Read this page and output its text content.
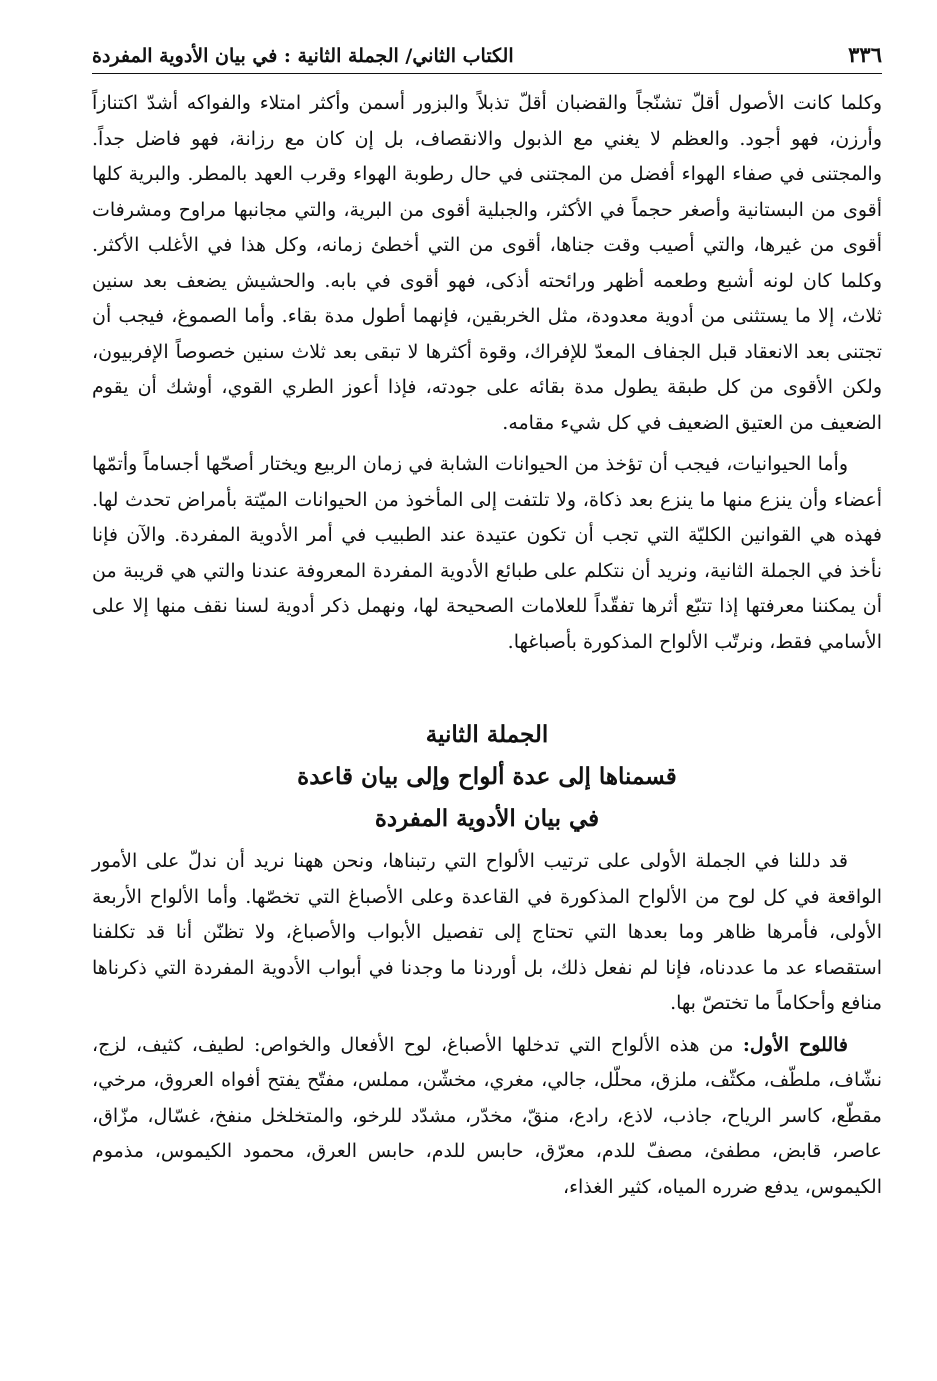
الكتاب الثاني/ الجملة الثانية : في بيان الأدوية المفردة	٣٣٦

وكلما كانت الأصول أقلّ تشنّجاً والقضبان أقلّ تذبلاً والبزور أسمن وأكثر امتلاء والفواكه أشدّ اكتنازاً وأرزن، فهو أجود. والعظم لا يغني مع الذبول والانقصاف، بل إن كان مع رزانة، فهو فاضل جداً. والمجتنى في صفاء الهواء أفضل من المجتنى في حال رطوبة الهواء وقرب العهد بالمطر. والبرية كلها أقوى من البستانية وأصغر حجماً في الأكثر، والجبلية أقوى من البرية، والتي مجانبها مراوح ومشرفات أقوى من غيرها، والتي أصيب وقت جناها، أقوى من التي أخطئ زمانه، وكل هذا في الأغلب الأكثر. وكلما كان لونه أشبع وطعمه أظهر ورائحته أذكى، فهو أقوى في بابه. والحشيش يضعف بعد سنين ثلاث، إلا ما يستثنى من أدوية معدودة، مثل الخربقين، فإنهما أطول مدة بقاء. وأما الصموغ، فيجب أن تجتنى بعد الانعقاد قبل الجفاف المعدّ للإفراك، وقوة أكثرها لا تبقى بعد ثلاث سنين خصوصاً الإفربيون، ولكن الأقوى من كل طبقة يطول مدة بقائه على جودته، فإذا أعوز الطري القوي، أوشك أن يقوم الضعيف من العتيق الضعيف في كل شيء مقامه.

وأما الحيوانيات، فيجب أن تؤخذ من الحيوانات الشابة في زمان الربيع ويختار أصحّها أجساماً وأتمّها أعضاء وأن ينزع منها ما ينزع بعد ذكاة، ولا تلتفت إلى المأخوذ من الحيوانات الميّتة بأمراض تحدث لها. فهذه هي القوانين الكليّة التي تجب أن تكون عتيدة عند الطبيب في أمر الأدوية المفردة. والآن فإنا نأخذ في الجملة الثانية، ونريد أن نتكلم على طبائع الأدوية المفردة المعروفة عندنا والتي هي قريبة من أن يمكننا معرفتها إذا تتبّع أثرها تفقّداً للعلامات الصحيحة لها، ونهمل ذكر أدوية لسنا نقف منها إلا على الأسامي فقط، ونرتّب الألواح المذكورة بأصباغها.

الجملة الثانية
قسمناها إلى عدة ألواح وإلى بيان قاعدة
في بيان الأدوية المفردة

قد دللنا في الجملة الأولى على ترتيب الألواح التي رتبناها، ونحن ههنا نريد أن ندلّ على الأمور الواقعة في كل لوح من الألواح المذكورة في القاعدة وعلى الأصباغ التي تخصّها. وأما الألواح الأربعة الأولى، فأمرها ظاهر وما بعدها التي تحتاج إلى تفصيل الأبواب والأصباغ، ولا تظنّن أنا قد تكلفنا استقصاء عد ما عددناه، فإنا لم نفعل ذلك، بل أوردنا ما وجدنا في أبواب الأدوية المفردة التي ذكرناها منافع وأحكاماً ما تختصّ بها.

فاللوح الأول: من هذه الألواح التي تدخلها الأصباغ، لوح الأفعال والخواص: لطيف، كثيف، لزج، نشّاف، ملطّف، مكثّف، ملزق، محلّل، جالي، مغري، مخشّن، مملس، مفتّح يفتح أفواه العروق، مرخي، مقطّع، كاسر الرياح، جاذب، لاذع، رادع، منقّ، مخدّر، مشدّد للرخو، والمتخلخل منفخ، غسّال، مزّاق، عاصر، قابض، مطفئ، مصفّ للدم، معرّق، حابس للدم، حابس العرق، محمود الكيموس، مذموم الكيموس، يدفع ضرره المياه، كثير الغذاء،
